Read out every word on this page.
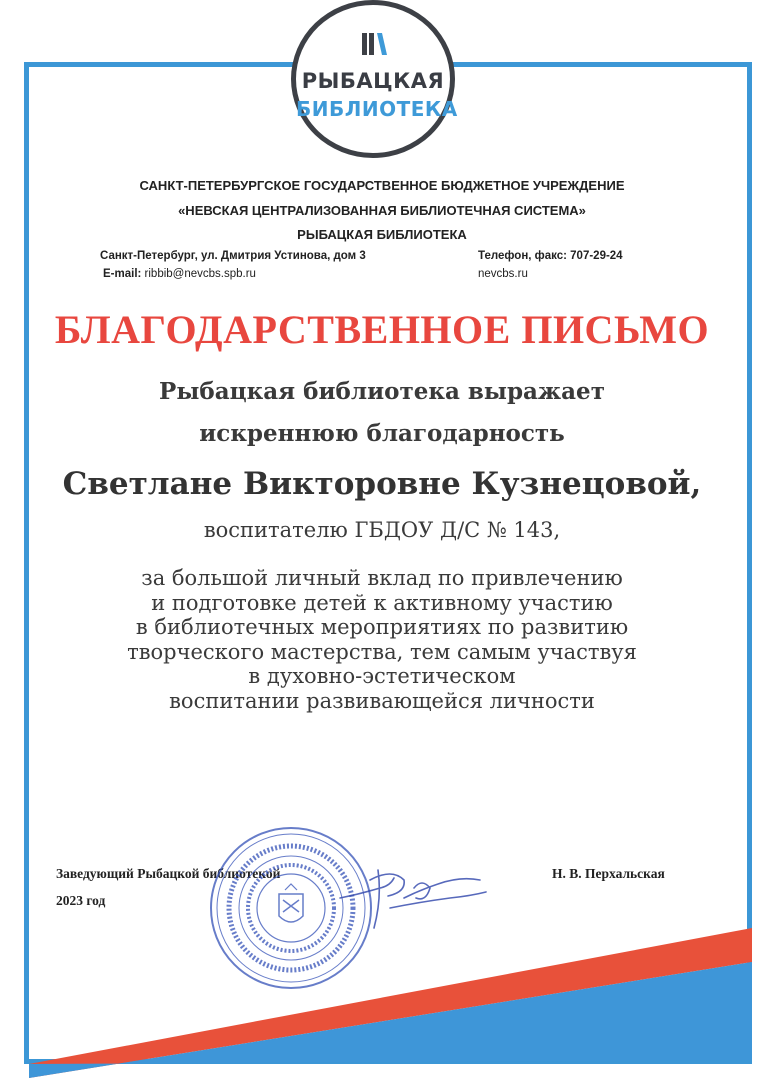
РЫБАЦКАЯ
БИБЛИОТЕКА
САНКТ-ПЕТЕРБУРГСКОЕ ГОСУДАРСТВЕННОЕ БЮДЖЕТНОЕ УЧРЕЖДЕНИЕ
«НЕВСКАЯ ЦЕНТРАЛИЗОВАННАЯ БИБЛИОТЕЧНАЯ СИСТЕМА»
РЫБАЦКАЯ БИБЛИОТЕКА
Санкт-Петербург, ул. Дмитрия Устинова, дом 3	Телефон, факс: 707-29-24
E-mail: ribbib@nevcbs.spb.ru	nevcbs.ru
БЛАГОДАРСТВЕННОЕ ПИСЬМО
Рыбацкая библиотека выражает
искреннюю благодарность
Светлане Викторовне Кузнецовой,
воспитателю ГБДОУ Д/С № 143,
за большой личный вклад по привлечению
и подготовке детей к активному участию
в библиотечных мероприятиях по развитию
творческого мастерства, тем самым участвуя
в духовно-эстетическом
воспитании развивающейся личности
Заведующий Рыбацкой библиотекой	Н. В. Перхальская
2023 год
